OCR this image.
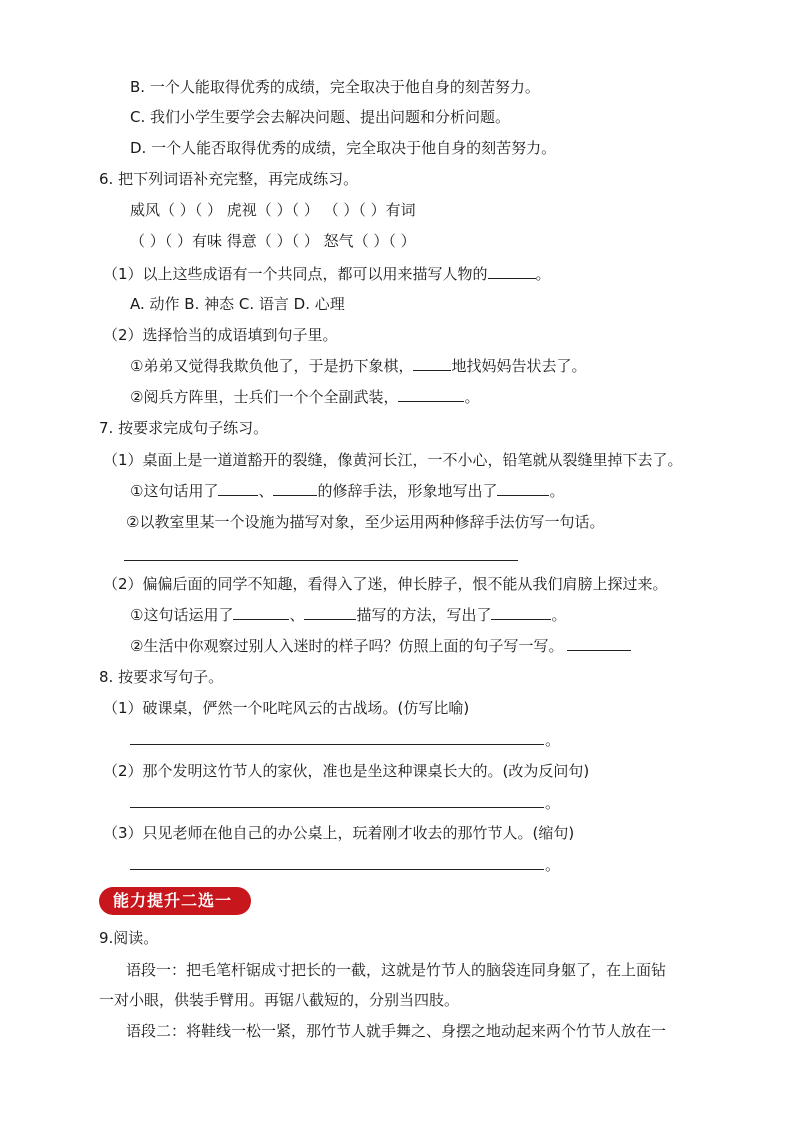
B. 一个人能取得优秀的成绩，完全取决于他自身的刻苦努力。
C. 我们小学生要学会去解决问题、提出问题和分析问题。
D. 一个人能否取得优秀的成绩，完全取决于他自身的刻苦努力。
6. 把下列词语补充完整，再完成练习。
威风（ ）（ ） 虎视（ ）（ ） （ ）（ ）有词
（ ）（ ）有味 得意（ ）（ ） 怒气（ ）（ ）
（1）以上这些成语有一个共同点，都可以用来描写人物的	。
A. 动作 B. 神态 C. 语言 D. 心理
（2）选择恰当的成语填到句子里。
①弟弟又觉得我欺负他了，于是扔下象棋，	地找妈妈告状去了。
②阅兵方阵里，士兵们一个个全副武装，	。
7. 按要求完成句子练习。
（1）桌面上是一道道豁开的裂缝，像黄河长江，一不小心，铅笔就从裂缝里掉下去了。
①这句话用了	、	的修辞手法，形象地写出了	。
②以教室里某一个设施为描写对象，至少运用两种修辞手法仿写一句话。
（2）偏偏后面的同学不知趣，看得入了迷，伸长脖子，恨不能从我们肩膀上探过来。
①这句话运用了	、	描写的方法，写出了	。
②生活中你观察过别人入迷时的样子吗？仿照上面的句子写一写。
8. 按要求写句子。
（1）破课桌，俨然一个叱咤风云的古战场。(仿写比喻)
。
（2）那个发明这竹节人的家伙，准也是坐这种课桌长大的。(改为反问句)
。
（3）只见老师在他自己的办公桌上，玩着刚才收去的那竹节人。(缩句)
。
能力提升二选一
9.阅读。
语段一：把毛笔杆锯成寸把长的一截，这就是竹节人的脑袋连同身躯了，在上面钻
一对小眼，供装手臂用。再锯八截短的，分别当四肢。
语段二：将鞋线一松一紧，那竹节人就手舞之、身摆之地动起来两个竹节人放在一
